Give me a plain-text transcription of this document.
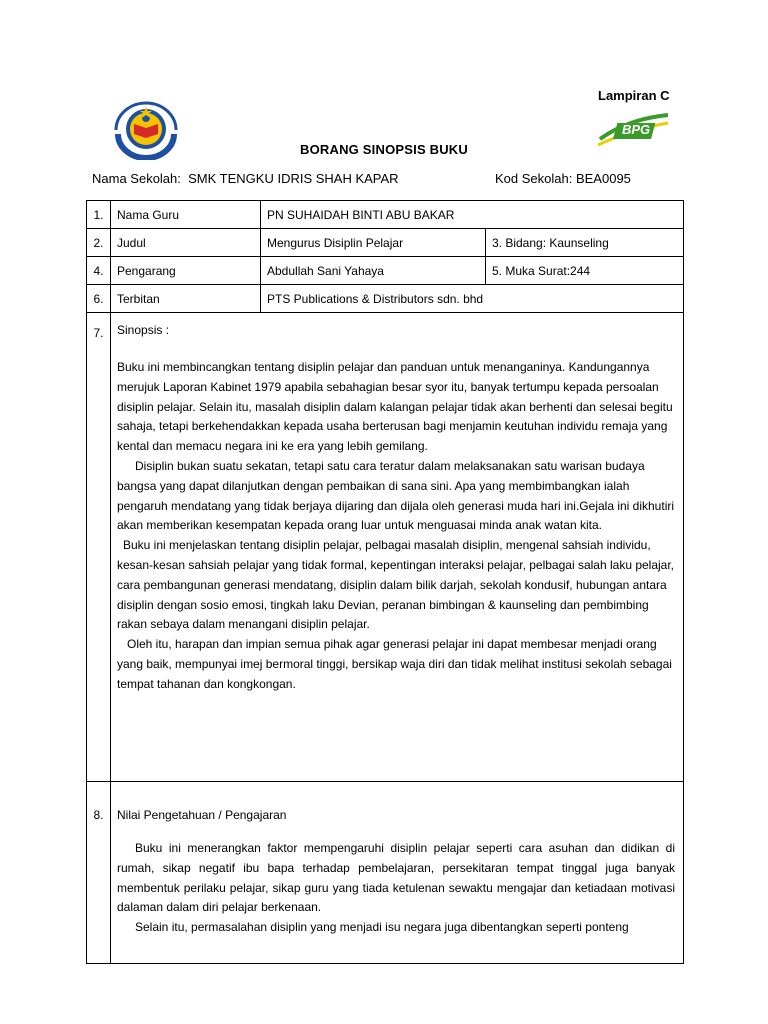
Lampiran C
BPG
BORANG SINOPSIS BUKU
Nama Sekolah: SMK TENGKU IDRIS SHAH KAPAR	Kod Sekolah: BEA0095
1.	Nama Guru	PN SUHAIDAH BINTI ABU BAKAR	
2.	Judul	Mengurus Disiplin Pelajar	3. Bidang: Kaunseling
4.	Pengarang	Abdullah Sani Yahaya	5. Muka Surat:244
6.	Terbitan	PTS Publications & Distributors sdn. bhd	
7.	Sinopsis :

Buku ini membincangkan tentang disiplin pelajar dan panduan untuk menanganinya. Kandungannya merujuk Laporan Kabinet 1979 apabila sebahagian besar syor itu, banyak tertumpu kepada persoalan disiplin pelajar. Selain itu, masalah disiplin dalam kalangan pelajar tidak akan berhenti dan selesai begitu sahaja, tetapi berkehendakkan kepada usaha berterusan bagi menjamin keutuhan individu remaja yang kental dan memacu negara ini ke era yang lebih gemilang.

Disiplin bukan suatu sekatan, tetapi satu cara teratur dalam melaksanakan satu warisan budaya bangsa yang dapat dilanjutkan dengan pembaikan di sana sini. Apa yang membimbangkan ialah pengaruh mendatang yang tidak berjaya dijaring dan dijala oleh generasi muda hari ini.Gejala ini dikhutiri akan memberikan kesempatan kepada orang luar untuk menguasai minda anak watan kita.

Buku ini menjelaskan tentang disiplin pelajar, pelbagai masalah disiplin, mengenal sahsiah individu, kesan-kesan sahsiah pelajar yang tidak formal, kepentingan interaksi pelajar, pelbagai salah laku pelajar, cara pembangunan generasi mendatang, disiplin dalam bilik darjah, sekolah kondusif, hubungan antara disiplin dengan sosio emosi, tingkah laku Devian, peranan bimbingan & kaunseling dan pembimbing rakan sebaya dalam menangani disiplin pelajar.

Oleh itu, harapan dan impian semua pihak agar generasi pelajar ini dapat membesar menjadi orang yang baik, mempunyai imej bermoral tinggi, bersikap waja diri dan tidak melihat institusi sekolah sebagai tempat tahanan dan kongkongan.		

8.	Nilai Pengetahuan / Pengajaran

Buku ini menerangkan faktor mempengaruhi disiplin pelajar seperti cara asuhan dan didikan di rumah, sikap negatif ibu bapa terhadap pembelajaran, persekitaran tempat tinggal juga banyak membentuk perilaku pelajar, sikap guru yang tiada ketulenan sewaktu mengajar dan ketiadaan motivasi dalaman dalam diri pelajar berkenaan.

Selain itu, permasalahan disiplin yang menjadi isu negara juga dibentangkan seperti ponteng		
